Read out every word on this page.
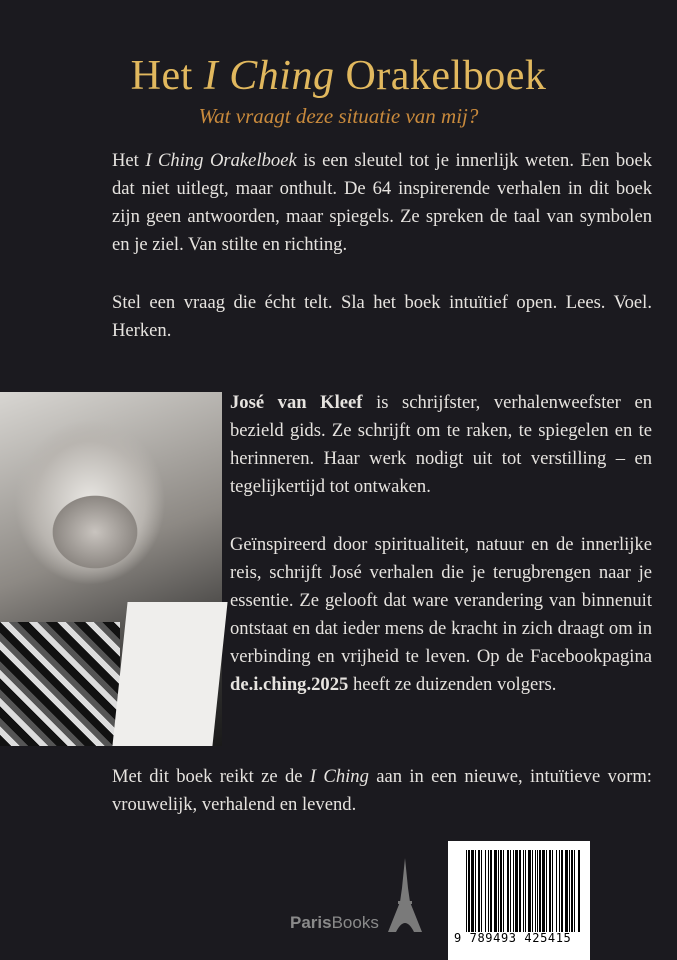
Het I Ching Orakelboek
Wat vraagt deze situatie van mij?

Het I Ching Orakelboek is een sleutel tot je innerlijk weten. Een boek dat niet uitlegt, maar onthult. De 64 inspirerende verhalen in dit boek zijn geen antwoorden, maar spiegels. Ze spreken de taal van symbolen en je ziel. Van stilte en richting.

Stel een vraag die écht telt. Sla het boek intuïtief open. Lees. Voel. Herken.

José van Kleef is schrijfster, verhalenweefster en bezield gids. Ze schrijft om te raken, te spiegelen en te herinneren. Haar werk nodigt uit tot verstilling – en tegelijkertijd tot ontwaken.

Geïnspireerd door spiritualiteit, natuur en de innerlijke reis, schrijft José verhalen die je terugbrengen naar je essentie. Ze gelooft dat ware verandering van binnenuit ontstaat en dat ieder mens de kracht in zich draagt om in verbinding en vrijheid te leven. Op de Facebookpagina de.i.ching.2025 heeft ze duizenden volgers.

Met dit boek reikt ze de I Ching aan in een nieuwe, intuïtieve vorm: vrouwelijk, verhalend en levend.

ParisBooks
9 789493 425415
